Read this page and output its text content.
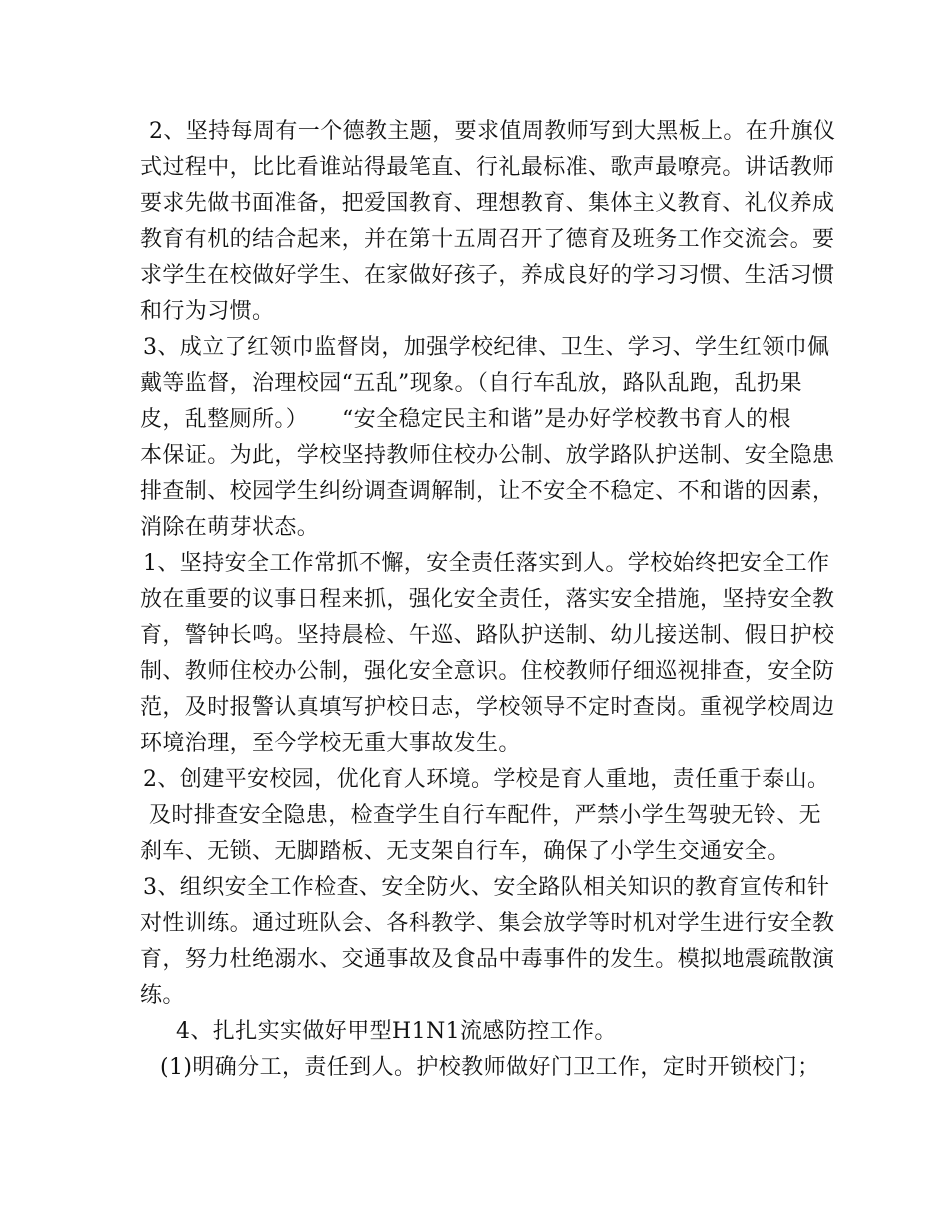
2、坚持每周有一个德教主题，要求值周教师写到大黑板上。在升旗仪
式过程中，比比看谁站得最笔直、行礼最标准、歌声最嘹亮。讲话教师
要求先做书面准备，把爱国教育、理想教育、集体主义教育、礼仪养成
教育有机的结合起来，并在第十五周召开了德育及班务工作交流会。要
求学生在校做好学生、在家做好孩子，养成良好的学习习惯、生活习惯
和行为习惯。
3、成立了红领巾监督岗，加强学校纪律、卫生、学习、学生红领巾佩
戴等监督，治理校园“五乱”现象。（自行车乱放，路队乱跑，乱扔果
皮，乱整厕所。）　　“安全稳定民主和谐”是办好学校教书育人的根
本保证。为此，学校坚持教师住校办公制、放学路队护送制、安全隐患
排查制、校园学生纠纷调查调解制，让不安全不稳定、不和谐的因素，
消除在萌芽状态。
1、坚持安全工作常抓不懈，安全责任落实到人。学校始终把安全工作
放在重要的议事日程来抓，强化安全责任，落实安全措施，坚持安全教
育，警钟长鸣。坚持晨检、午巡、路队护送制、幼儿接送制、假日护校
制、教师住校办公制，强化安全意识。住校教师仔细巡视排查，安全防
范，及时报警认真填写护校日志，学校领导不定时查岗。重视学校周边
环境治理，至今学校无重大事故发生。
2、创建平安校园，优化育人环境。学校是育人重地，责任重于泰山。
及时排查安全隐患，检查学生自行车配件，严禁小学生驾驶无铃、无
刹车、无锁、无脚踏板、无支架自行车，确保了小学生交通安全。
3、组织安全工作检查、安全防火、安全路队相关知识的教育宣传和针
对性训练。通过班队会、各科教学、集会放学等时机对学生进行安全教
育，努力杜绝溺水、交通事故及食品中毒事件的发生。模拟地震疏散演
练。
4、扎扎实实做好甲型H1N1流感防控工作。
(1)明确分工，责任到人。护校教师做好门卫工作，定时开锁校门；
